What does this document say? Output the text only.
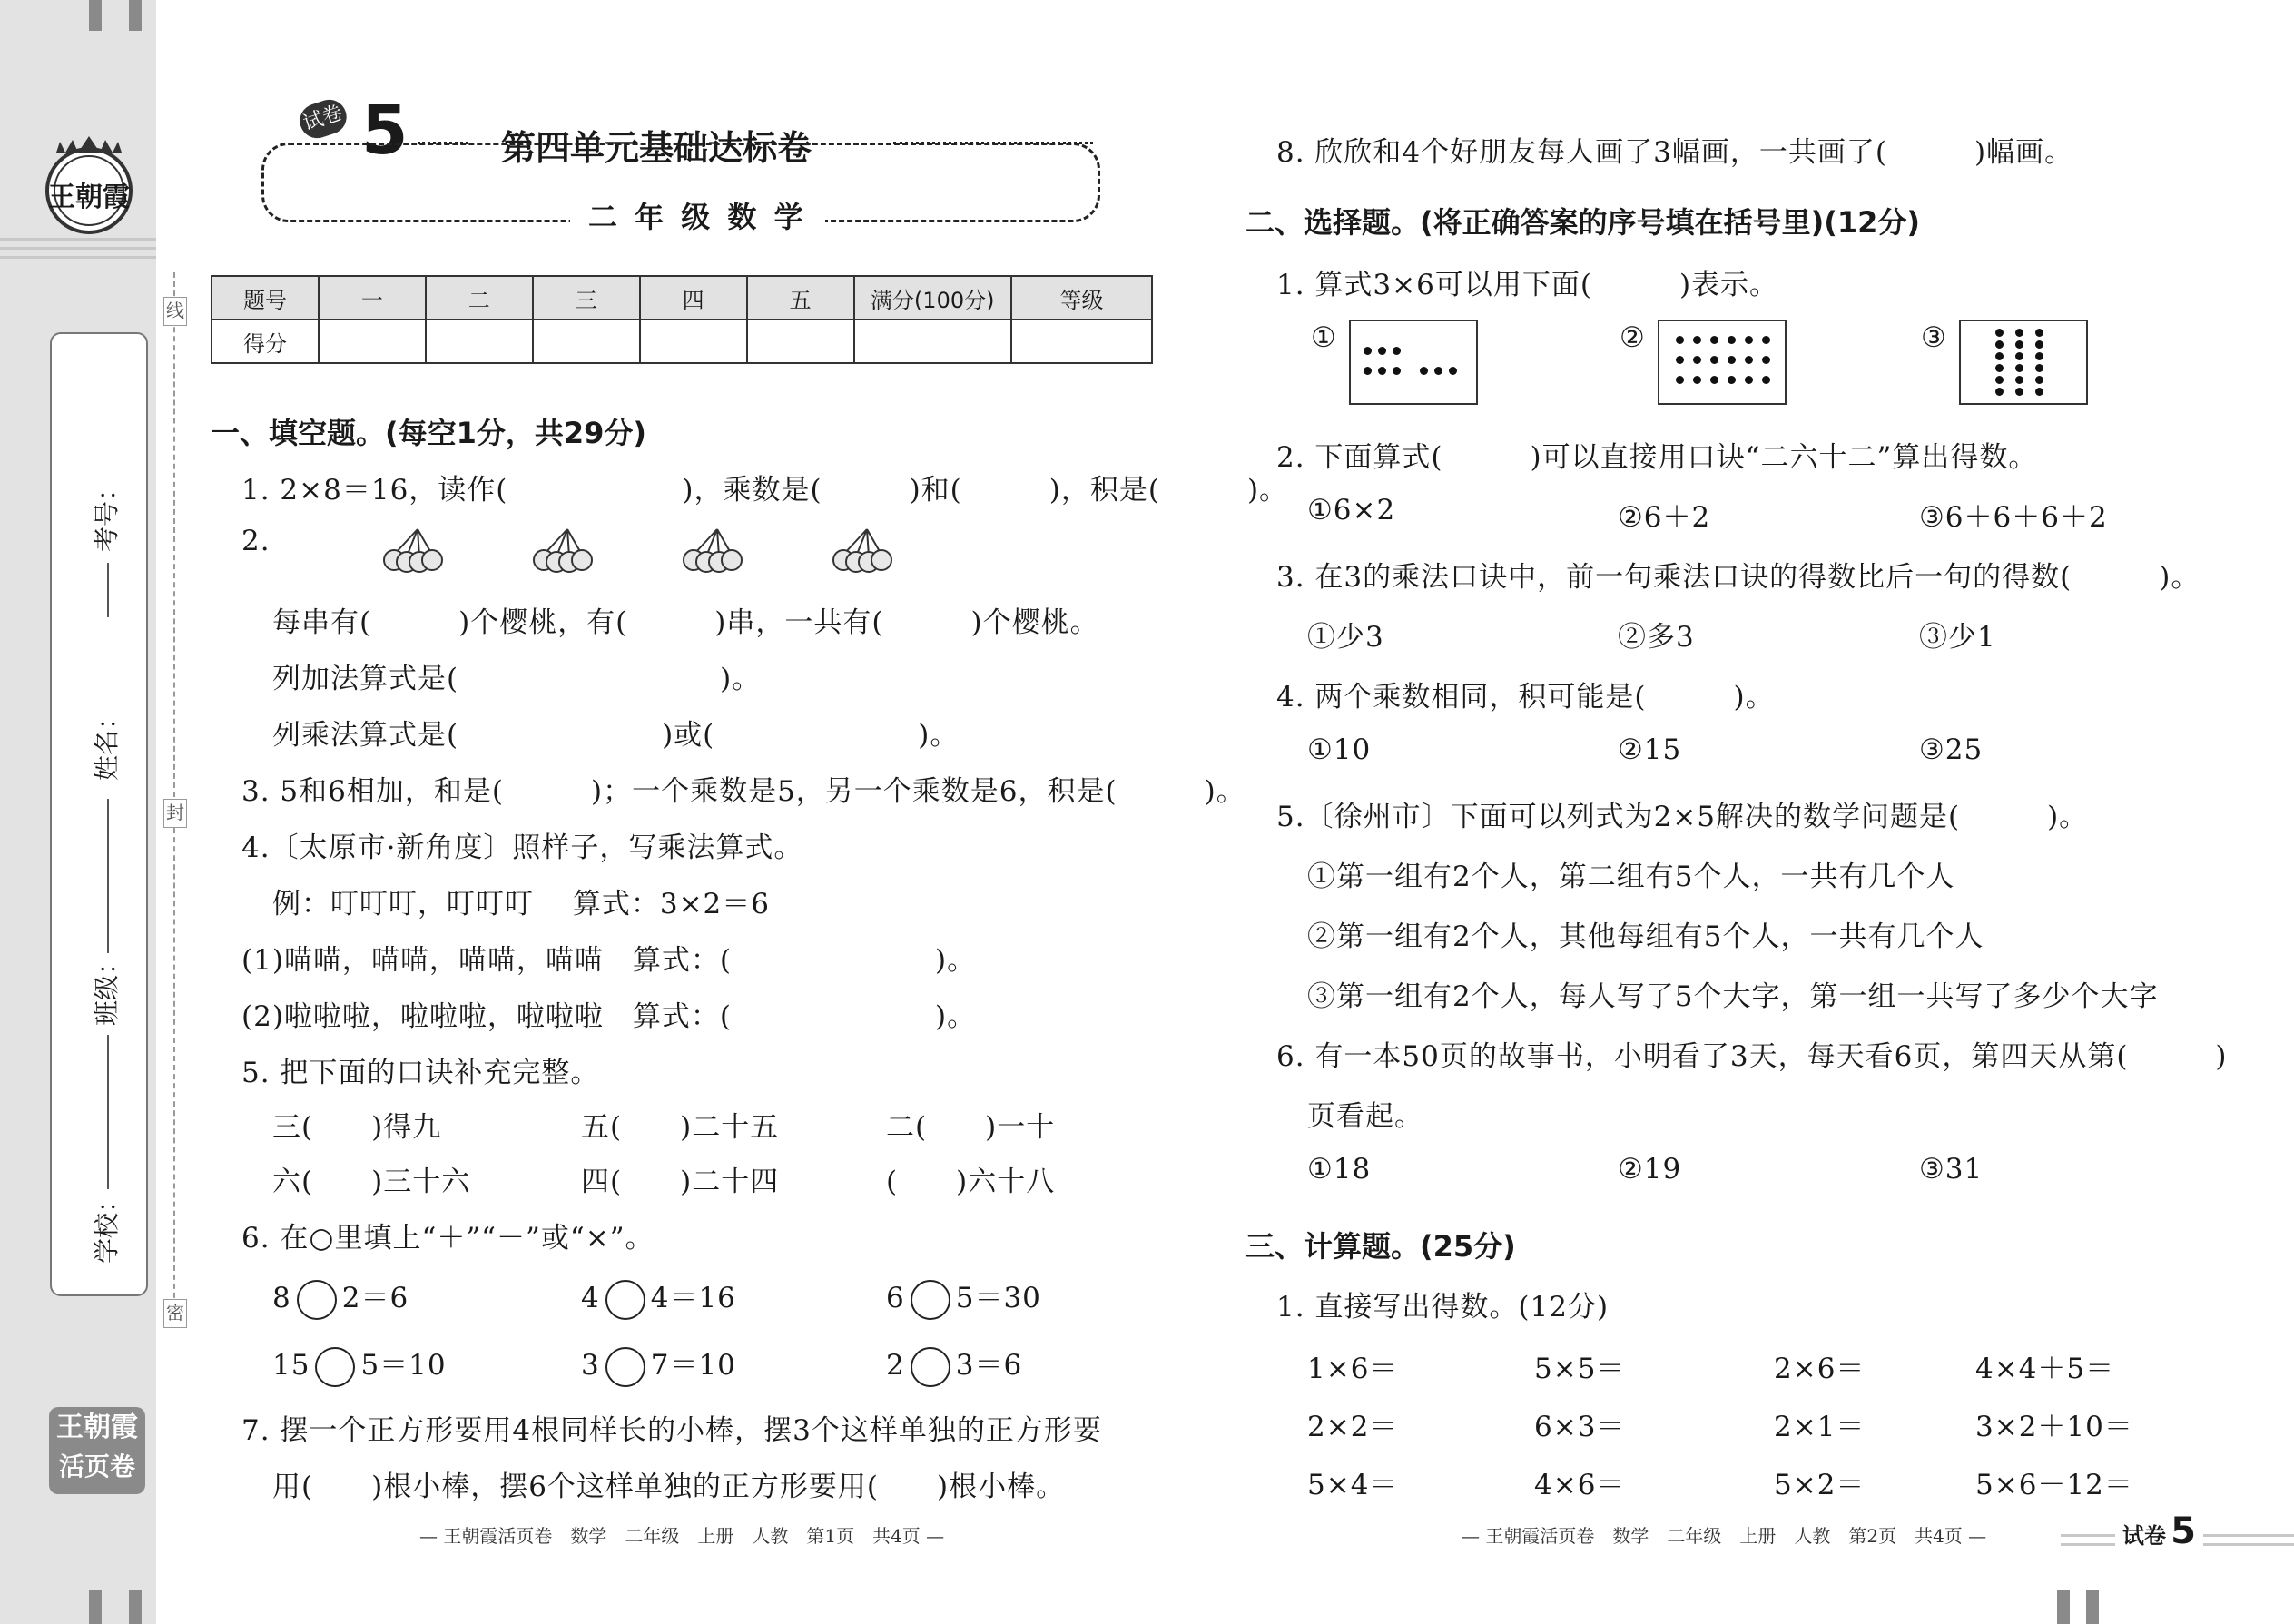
王朝霞
考号：
姓名：
班级：
学校：
线
封
密
王朝霞
活页卷
试卷 5	第四单元基础达标卷
二 年 级 数 学
题号	一	二	三	四	五	满分(100分)	等级
得分							
一、填空题。(每空1分，共29分)
1. 2×8＝16，读作(　　　　　　)，乘数是(　　　)和(　　　)，积是(　　　)。
2.
每串有(　　　)个樱桃，有(　　　)串，一共有(　　　)个樱桃。
列加法算式是(　　　　　　　　　)。
列乘法算式是(　　　　　　　)或(　　　　　　　)。
3. 5和6相加，和是(　　　)；一个乘数是5，另一个乘数是6，积是(　　　)。
4.〔太原市·新角度〕照样子，写乘法算式。
例：叮叮叮，叮叮叮　 算式：3×2＝6
(1)喵喵，喵喵，喵喵，喵喵　算式：(　　　　　　　)。
(2)啦啦啦，啦啦啦，啦啦啦　算式：(　　　　　　　)。
5. 把下面的口诀补充完整。
三(　　)得九	五(　　)二十五	二(　　)一十
六(　　)三十六	四(　　)二十四	(　　)六十八
6. 在○里填上“＋”“－”或“×”。
8 2＝6	4 4＝16	6 5＝30
15 5＝10	3 7＝10	2 3＝6
7. 摆一个正方形要用4根同样长的小棒，摆3个这样单独的正方形要
用(　　)根小棒，摆6个这样单独的正方形要用(　　)根小棒。
— 王朝霞活页卷　数学　二年级　上册　人教　第1页　共4页 —
8. 欣欣和4个好朋友每人画了3幅画，一共画了(　　　)幅画。
二、选择题。(将正确答案的序号填在括号里)(12分)
1. 算式3×6可以用下面(　　　)表示。
①	②	③
2. 下面算式(　　　)可以直接用口诀“二六十二”算出得数。
①6×2	②6＋2	③6＋6＋6＋2
3. 在3的乘法口诀中，前一句乘法口诀的得数比后一句的得数(　　　)。
①少3	②多3	③少1
4. 两个乘数相同，积可能是(　　　)。
①10	②15	③25
5.〔徐州市〕下面可以列式为2×5解决的数学问题是(　　　)。
①第一组有2个人，第二组有5个人，一共有几个人
②第一组有2个人，其他每组有5个人，一共有几个人
③第一组有2个人，每人写了5个大字，第一组一共写了多少个大字
6. 有一本50页的故事书，小明看了3天，每天看6页，第四天从第(　　　)
页看起。
①18	②19	③31
三、计算题。(25分)
1. 直接写出得数。(12分)
1×6＝	5×5＝	2×6＝	4×4＋5＝
2×2＝	6×3＝	2×1＝	3×2＋10＝
5×4＝	4×6＝	5×2＝	5×6－12＝
— 王朝霞活页卷　数学　二年级　上册　人教　第2页　共4页 —	试卷 5
